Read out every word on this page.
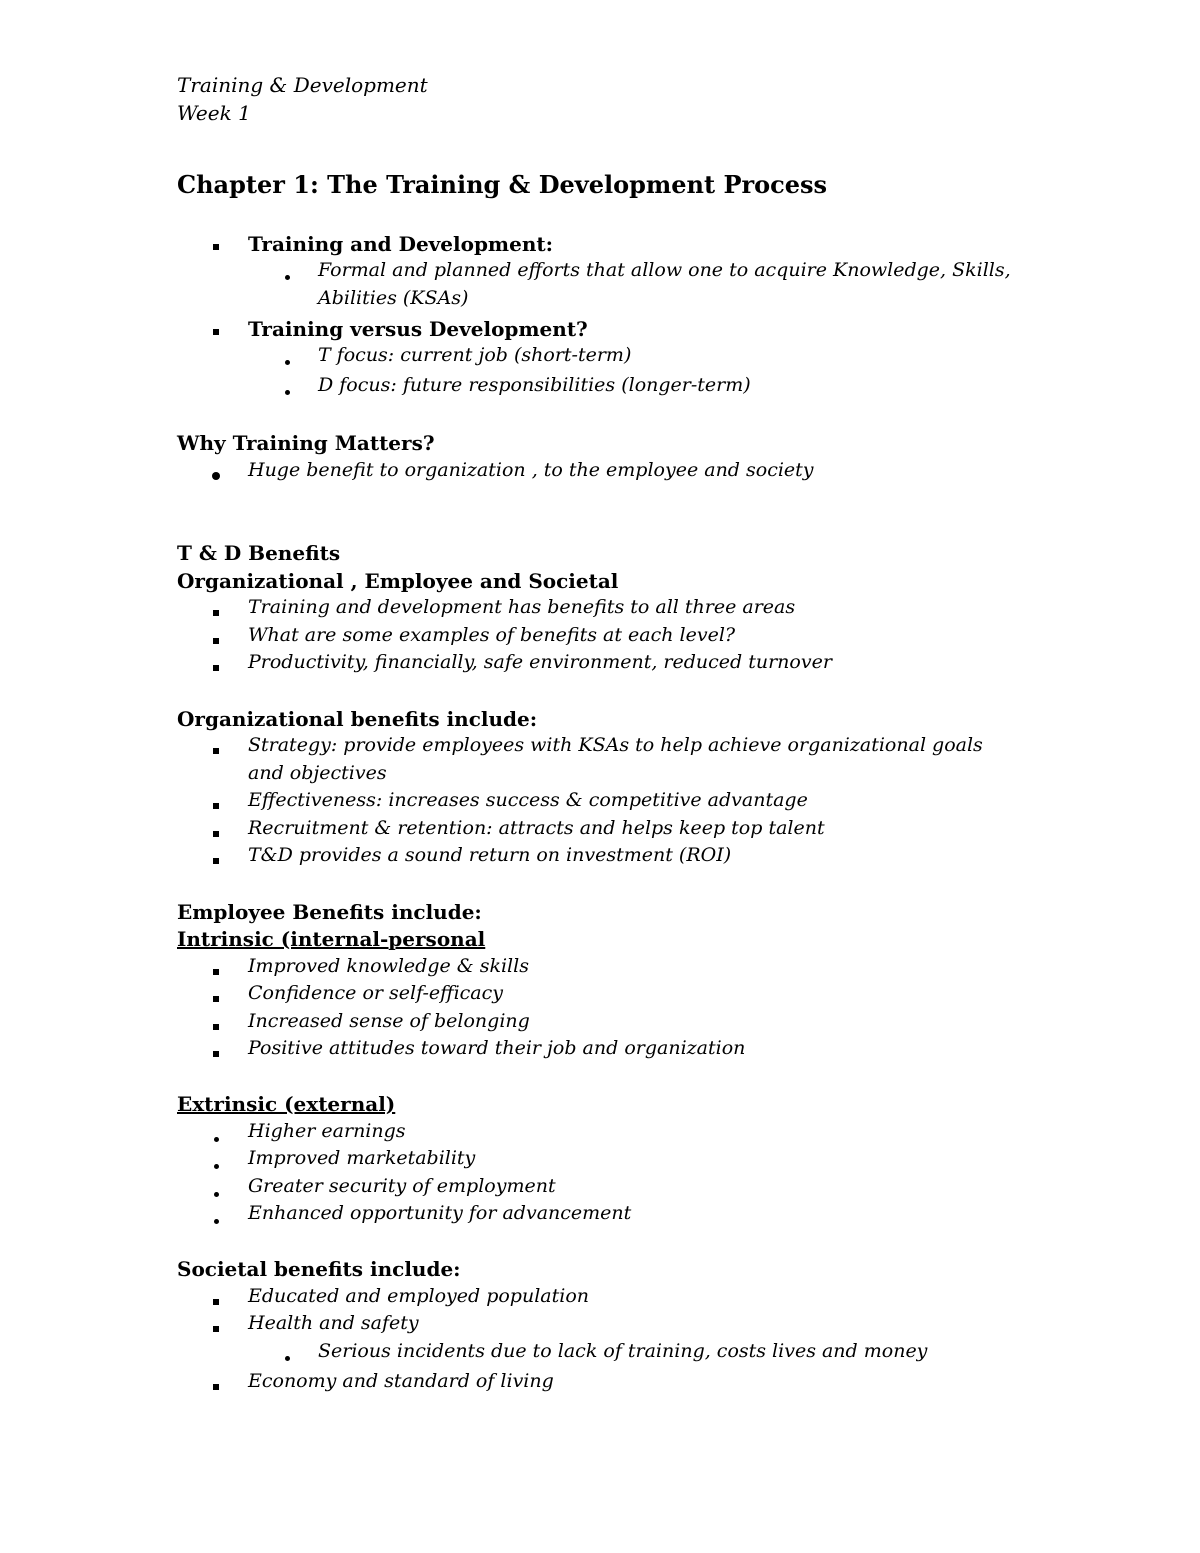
Training & Development
Week 1
Chapter 1: The Training & Development Process
Training and Development:
Formal and planned efforts that allow one to acquire Knowledge, Skills,
Abilities (KSAs)
Training versus Development?
T focus: current job (short-term)
D focus: future responsibilities (longer-term)
Why Training Matters?
Huge benefit to organization , to the employee and society
T & D Benefits
Organizational , Employee and Societal
Training and development has benefits to all three areas
What are some examples of benefits at each level?
Productivity, financially, safe environment, reduced turnover
Organizational benefits include:
Strategy: provide employees with KSAs to help achieve organizational goals
and objectives
Effectiveness: increases success & competitive advantage
Recruitment & retention: attracts and helps keep top talent
T&D provides a sound return on investment (ROI)
Employee Benefits include:
Intrinsic (internal-personal
Improved knowledge & skills
Confidence or self-efficacy
Increased sense of belonging
Positive attitudes toward their job and organization
Extrinsic (external)
Higher earnings
Improved marketability
Greater security of employment
Enhanced opportunity for advancement
Societal benefits include:
Educated and employed population
Health and safety
Serious incidents due to lack of training, costs lives and money
Economy and standard of living
